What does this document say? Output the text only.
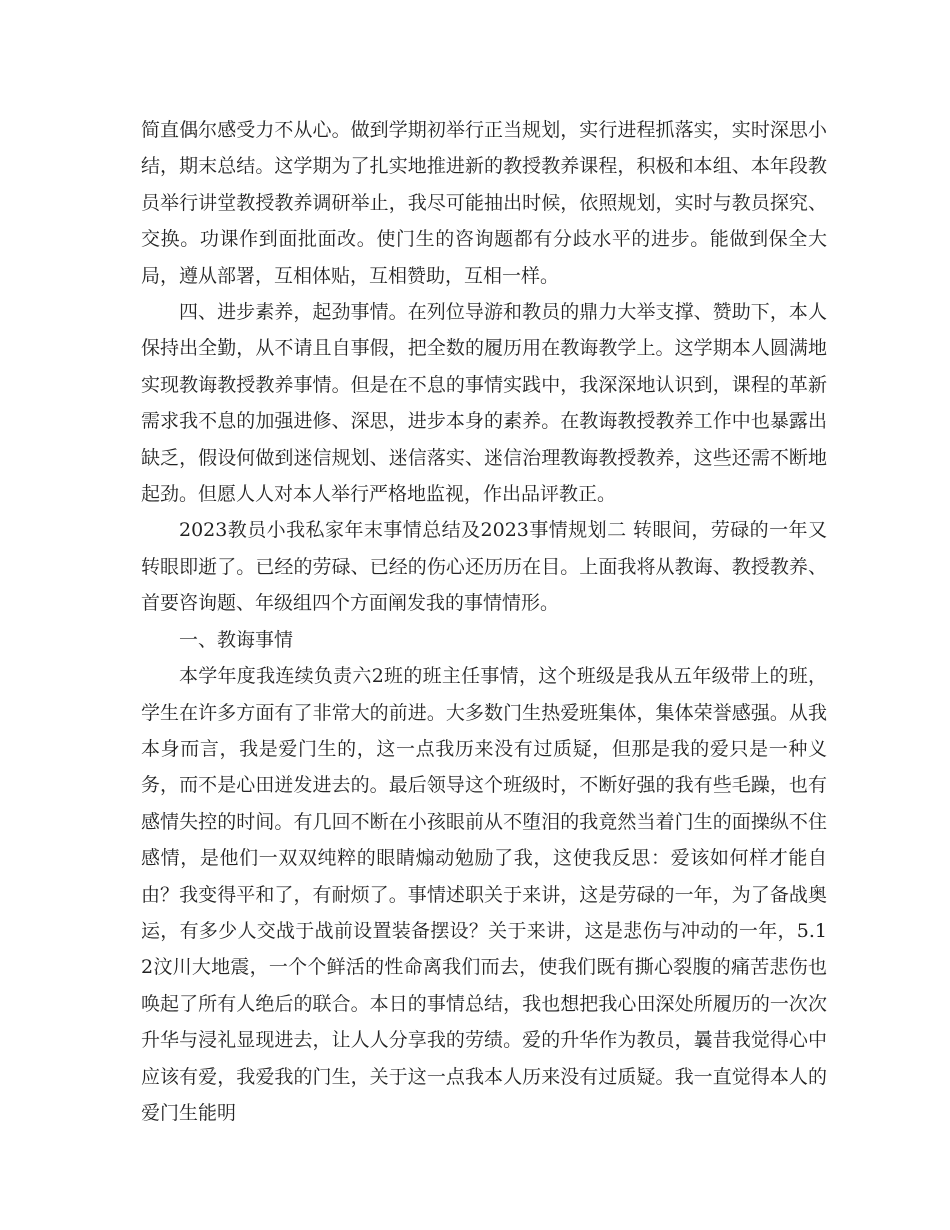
简直偶尔感受力不从心。做到学期初举行正当规划，实行进程抓落实，实时深思小结，期末总结。这学期为了扎实地推进新的教授教养课程，积极和本组、本年段教员举行讲堂教授教养调研举止，我尽可能抽出时候，依照规划，实时与教员探究、交换。功课作到面批面改。使门生的咨询题都有分歧水平的进步。能做到保全大局，遵从部署，互相体贴，互相赞助，互相一样。

四、进步素养，起劲事情。在列位导游和教员的鼎力大举支撑、赞助下，本人保持出全勤，从不请且自事假，把全数的履历用在教诲教学上。这学期本人圆满地实现教诲教授教养事情。但是在不息的事情实践中，我深深地认识到，课程的革新需求我不息的加强进修、深思，进步本身的素养。在教诲教授教养工作中也暴露出缺乏，假设何做到迷信规划、迷信落实、迷信治理教诲教授教养，这些还需不断地起劲。但愿人人对本人举行严格地监视，作出品评教正。

2023教员小我私家年末事情总结及2023事情规划二 转眼间，劳碌的一年又转眼即逝了。已经的劳碌、已经的伤心还历历在目。上面我将从教诲、教授教养、首要咨询题、年级组四个方面阐发我的事情情形。

一、教诲事情

本学年度我连续负责六2班的班主任事情，这个班级是我从五年级带上的班，学生在许多方面有了非常大的前进。大多数门生热爱班集体，集体荣誉感强。从我本身而言，我是爱门生的，这一点我历来没有过质疑，但那是我的爱只是一种义务，而不是心田迸发进去的。最后领导这个班级时，不断好强的我有些毛躁，也有感情失控的时间。有几回不断在小孩眼前从不堕泪的我竟然当着门生的面操纵不住感情，是他们一双双纯粹的眼睛煽动勉励了我，这使我反思：爱该如何样才能自由？我变得平和了，有耐烦了。事情述职关于来讲，这是劳碌的一年，为了备战奥运，有多少人交战于战前设置装备摆设？关于来讲，这是悲伤与冲动的一年，5.12汶川大地震，一个个鲜活的性命离我们而去，使我们既有撕心裂腹的痛苦悲伤也唤起了所有人绝后的联合。本日的事情总结，我也想把我心田深处所履历的一次次升华与浸礼显现进去，让人人分享我的劳绩。爱的升华作为教员，曩昔我觉得心中应该有爱，我爱我的门生，关于这一点我本人历来没有过质疑。我一直觉得本人的爱门生能明
